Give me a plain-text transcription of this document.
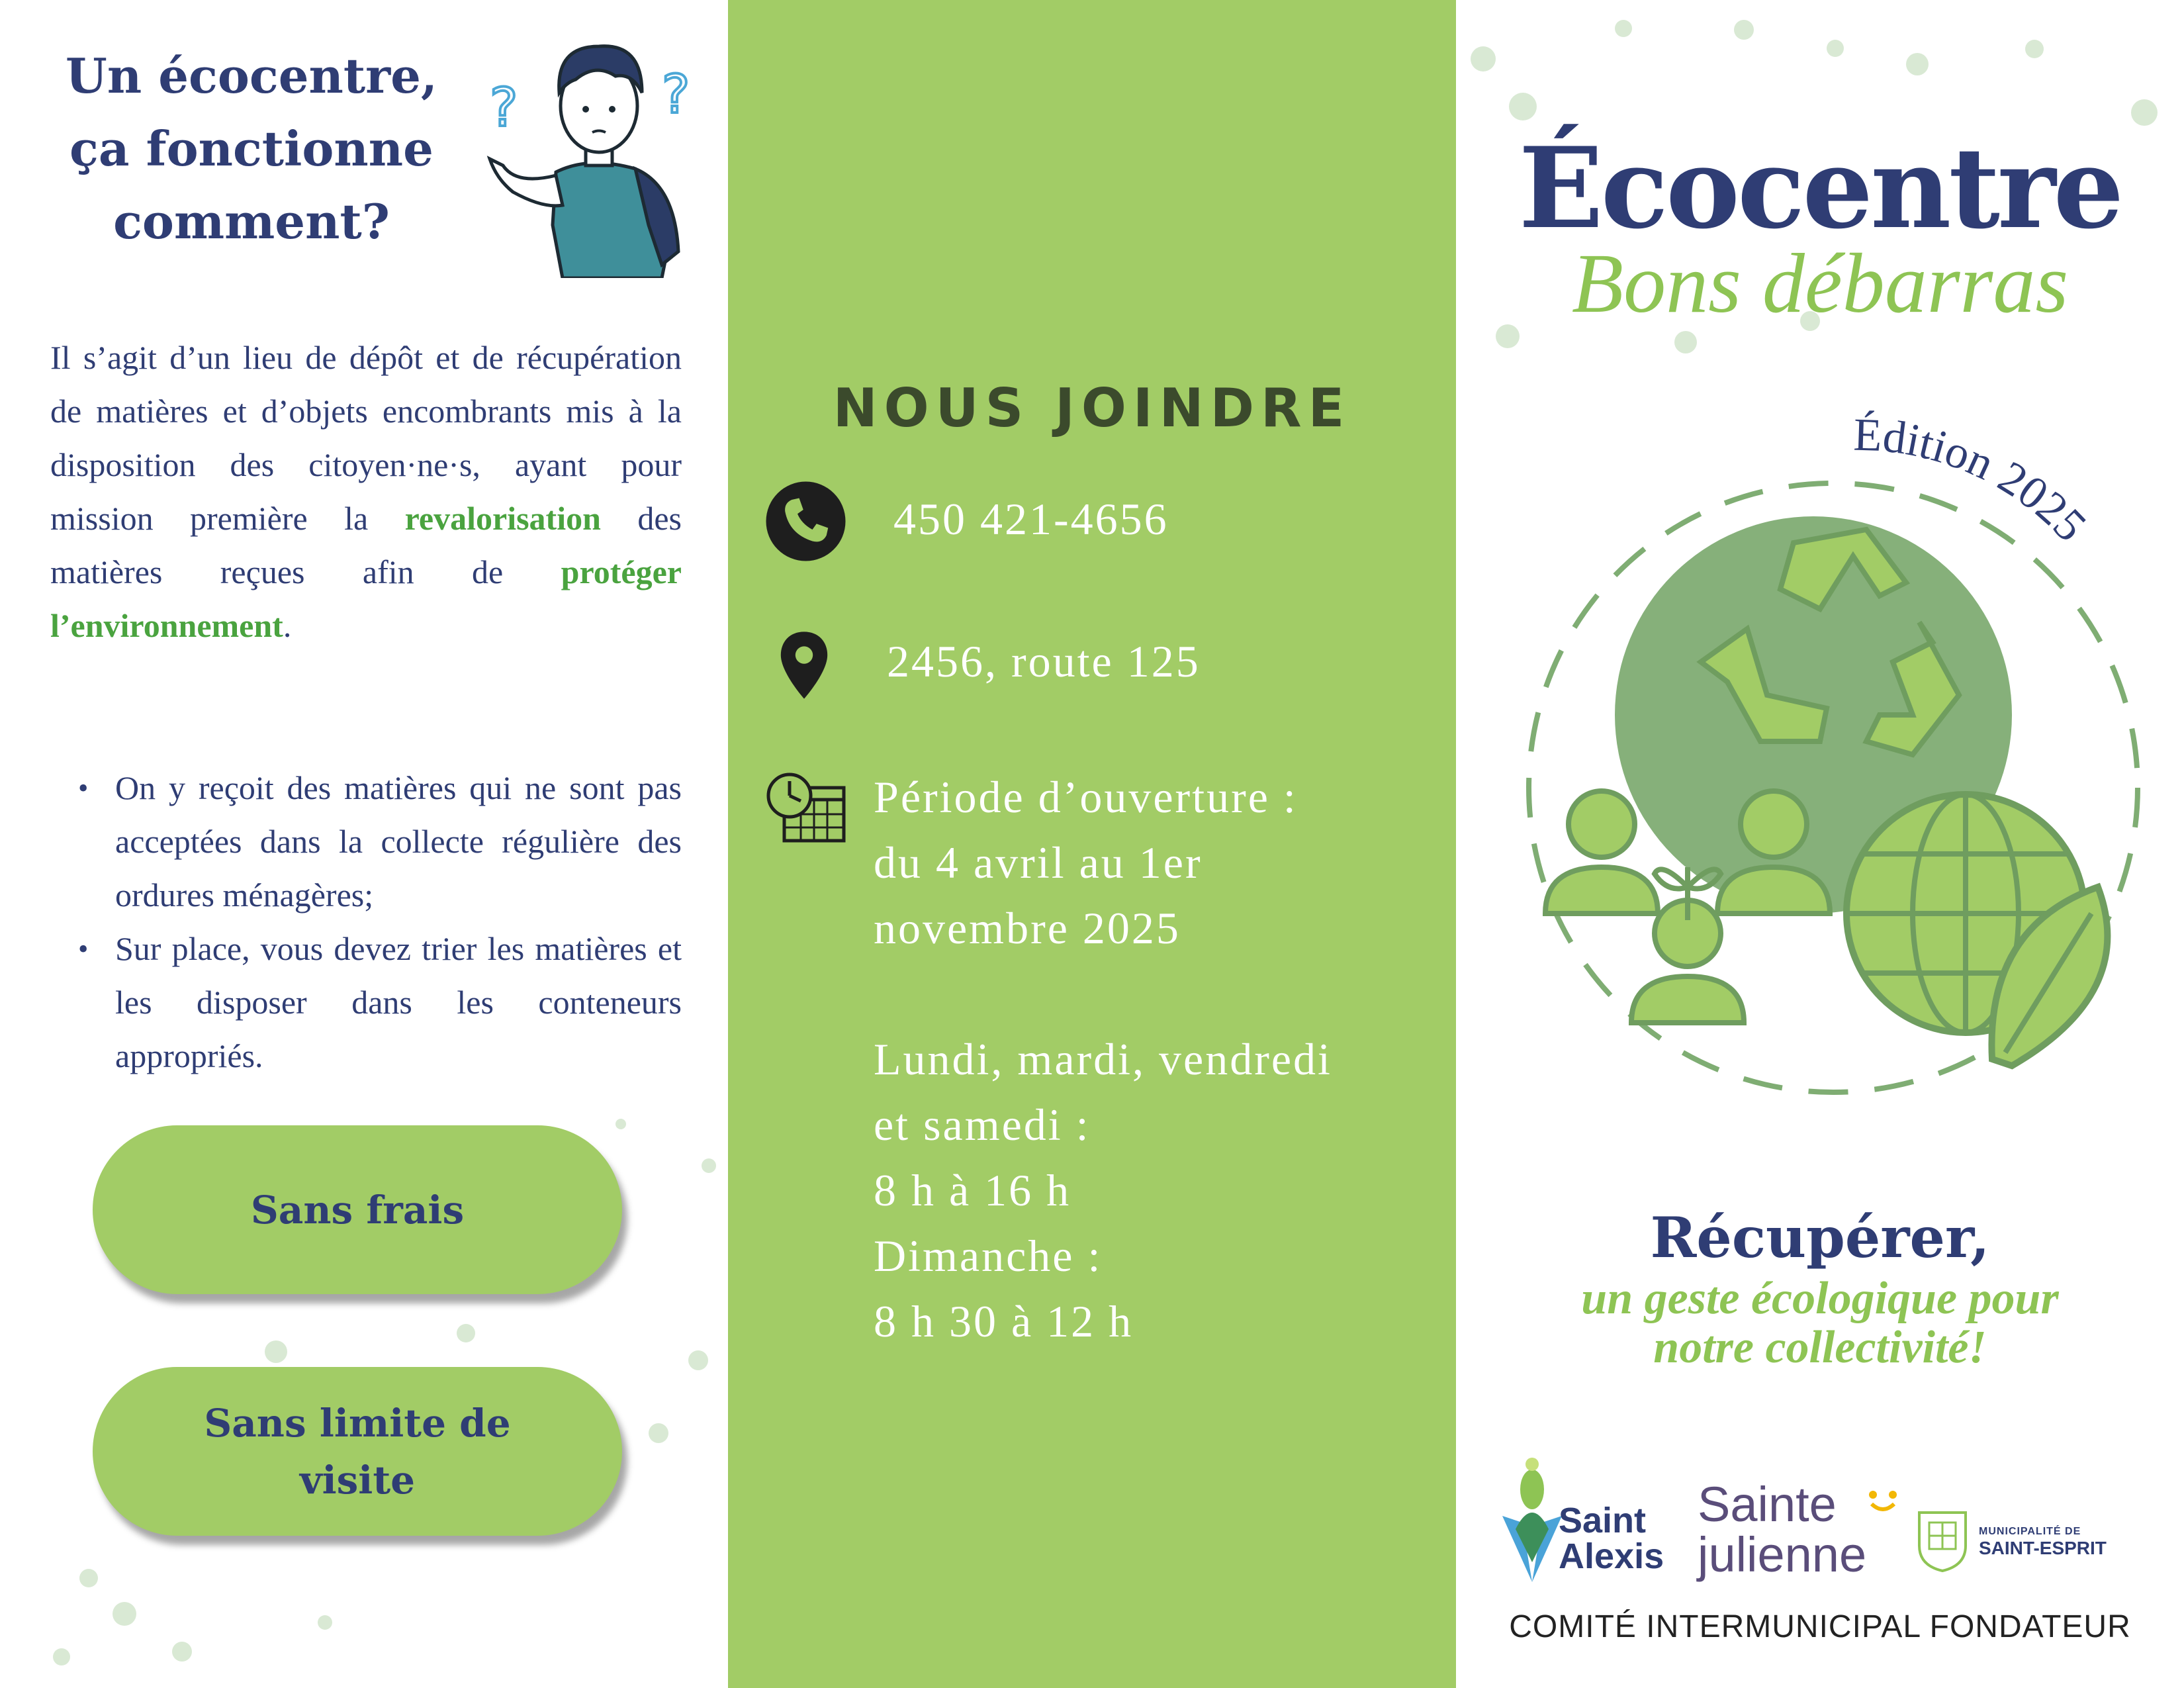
Un écocentre, ça fonctionne comment?
?	?
Il s’agit d’un lieu de dépôt et de récupération de matières et d’objets encombrants mis à la disposition des citoyen·ne·s, ayant pour mission première la revalorisation des matières reçues afin de protéger l’environnement.
• On y reçoit des matières qui ne sont pas acceptées dans la collecte régulière des ordures ménagères;
• Sur place, vous devez trier les matières et les disposer dans les conteneurs appropriés.
Sans frais
Sans limite de
visite
NOUS JOINDRE
450 421-4656
2456, route 125
Période d’ouverture :
du 4 avril au 1er
novembre 2025
Lundi, mardi, vendredi
et samedi :
8 h à 16 h
Dimanche :
8 h 30 à 12 h
Écocentre
Bons débarras
Édition 2025
Récupérer,
un geste écologique pour
notre collectivité!
Saint
Alexis
Sainte
julienne	MUNICIPALITÉ DE
SAINT-ESPRIT
COMITÉ INTERMUNICIPAL FONDATEUR
